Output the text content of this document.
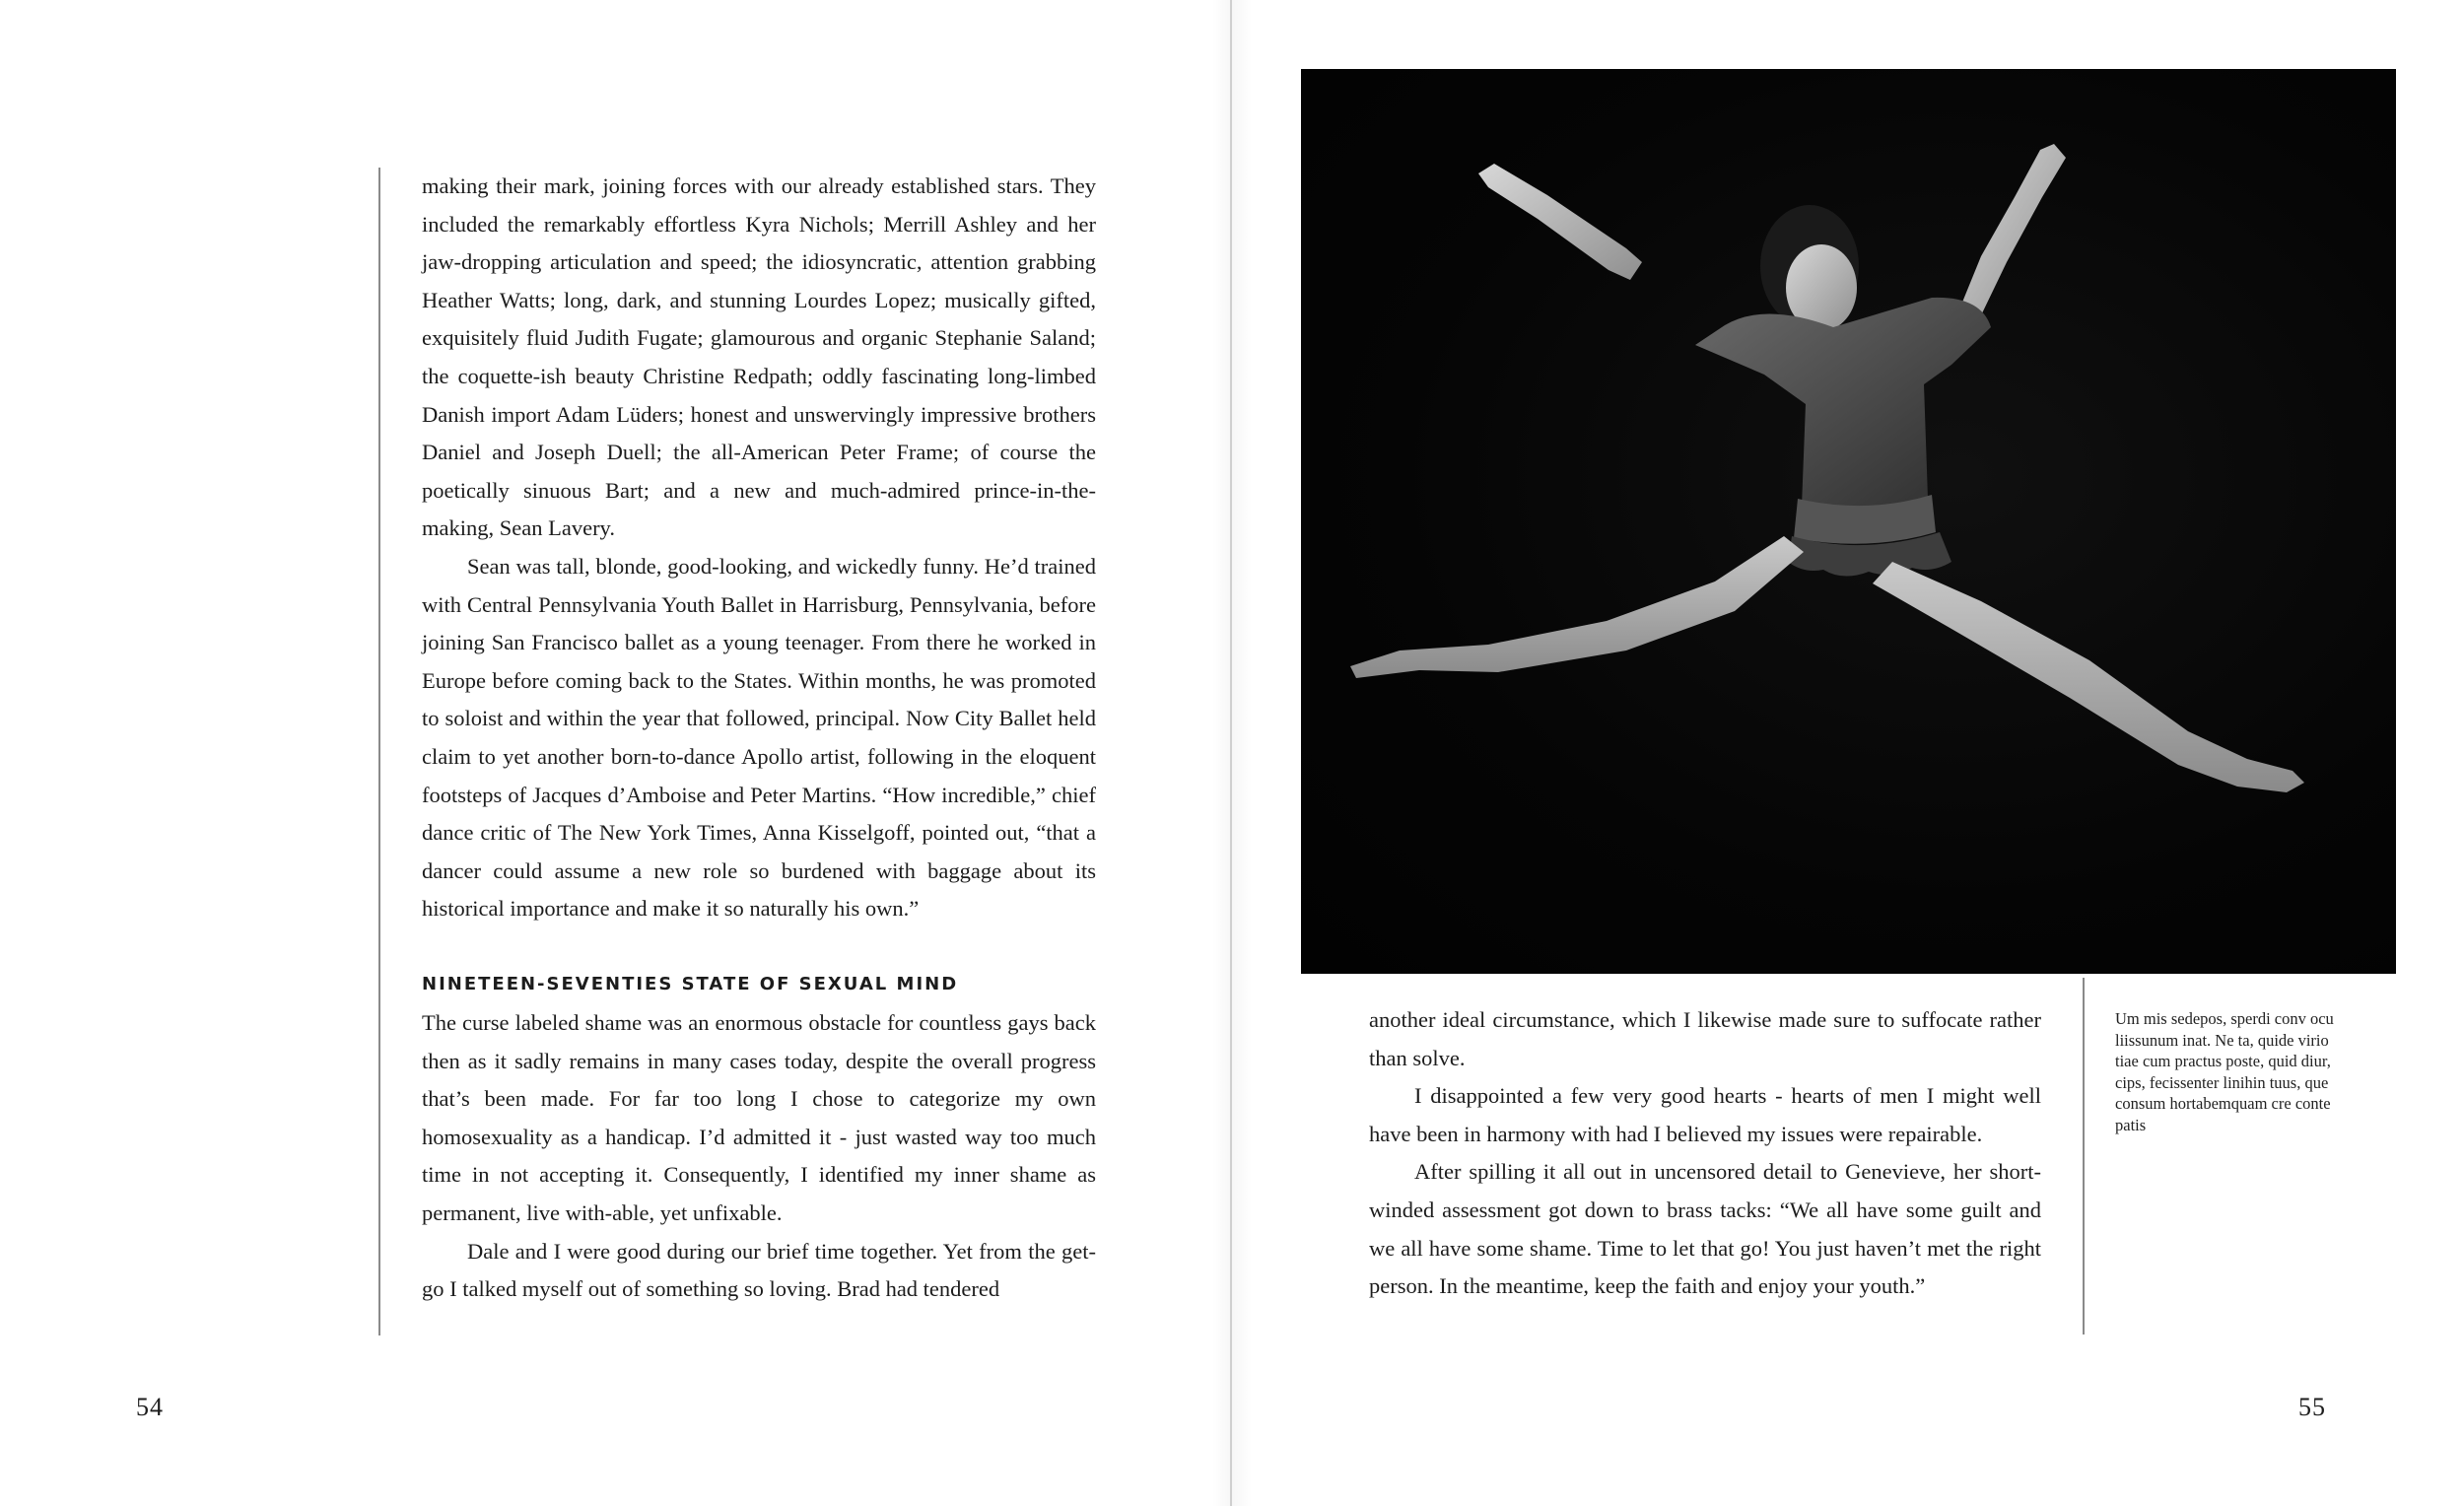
making their mark, joining forces with our already established stars. They included the remarkably effortless Kyra Nichols; Merrill Ashley and her jaw-dropping articulation and speed; the idiosyncratic, attention grabbing Heather Watts; long, dark, and stunning Lourdes Lopez; musically gifted, exquisitely fluid Judith Fugate; glamourous and organic Stephanie Saland; the coquette-ish beauty Christine Redpath; oddly fascinating long-limbed Danish import Adam Lüders; honest and unswervingly impressive brothers Daniel and Joseph Duell; the all-American Peter Frame; of course the poetically sinuous Bart; and a new and much-admired prince-in-the-making, Sean Lavery.

Sean was tall, blonde, good-looking, and wickedly funny. He’d trained with Central Pennsylvania Youth Ballet in Harrisburg, Pennsylvania, before joining San Francisco ballet as a young teenager. From there he worked in Europe before coming back to the States. Within months, he was promoted to soloist and within the year that followed, principal. Now City Ballet held claim to yet another born-to-dance Apollo artist, following in the eloquent footsteps of Jacques d’Amboise and Peter Martins. “How incredible,” chief dance critic of The New York Times, Anna Kisselgoff, pointed out, “that a dancer could assume a new role so burdened with baggage about its historical importance and make it so naturally his own.”

NINETEEN-SEVENTIES STATE OF SEXUAL MIND

The curse labeled shame was an enormous obstacle for countless gays back then as it sadly remains in many cases today, despite the overall progress that’s been made. For far too long I chose to categorize my own homosexuality as a handicap. I’d admitted it - just wasted way too much time in not accepting it. Consequently, I identified my inner shame as permanent, live with-able, yet unfixable.

Dale and I were good during our brief time together. Yet from the get-go I talked myself out of something so loving. Brad had tendered

54

another ideal circumstance, which I likewise made sure to suffocate rather than solve.

I disappointed a few very good hearts - hearts of men I might well have been in harmony with had I believed my issues were repairable.

After spilling it all out in uncensored detail to Genevieve, her short-winded assessment got down to brass tacks: “We all have some guilt and we all have some shame. Time to let that go! You just haven’t met the right person. In the meantime, keep the faith and enjoy your youth.”

Um mis sedepos, sperdi conv ocu liissunum inat. Ne ta, quide virio tiae cum practus poste, quid diur, cips, fecissenter linihin tuus, que consum hortabemquam cre conte patis
55
